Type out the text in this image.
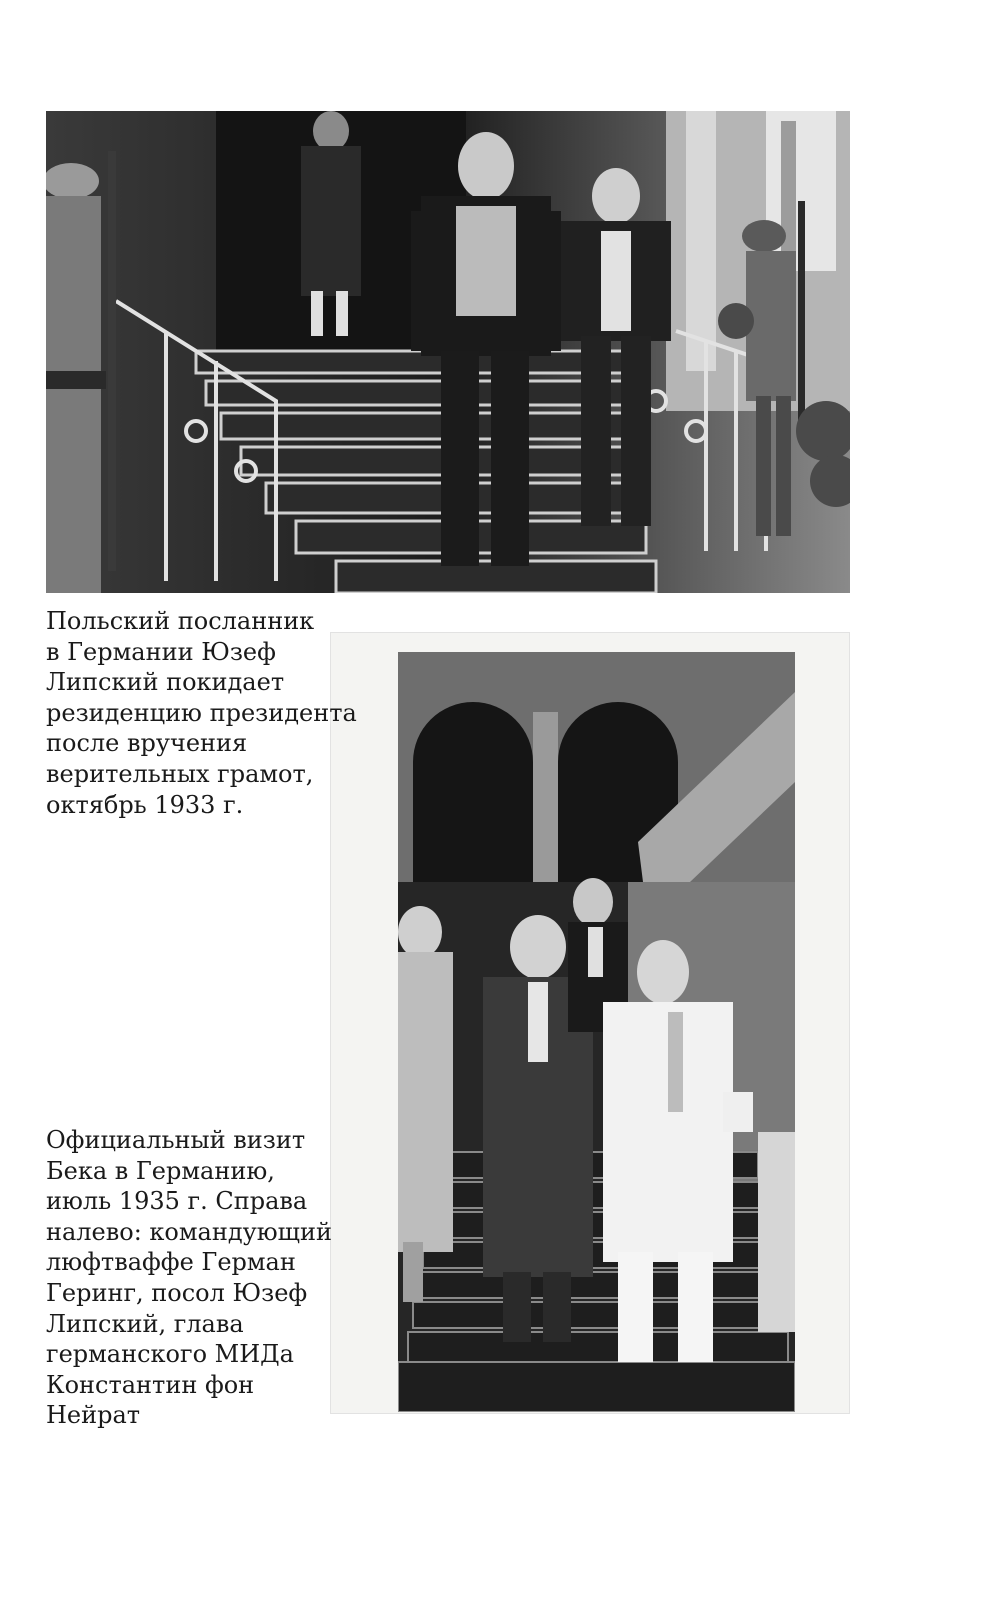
Польский посланник
в Германии Юзеф
Липский покидает
резиденцию президента
после вручения
верительных грамот,
октябрь 1933 г.
Официальный визит
Бека в Германию,
июль 1935 г. Справа
налево: командующий
люфтваффе Герман
Геринг, посол Юзеф
Липский, глава
германского МИДа
Константин фон
Нейрат
